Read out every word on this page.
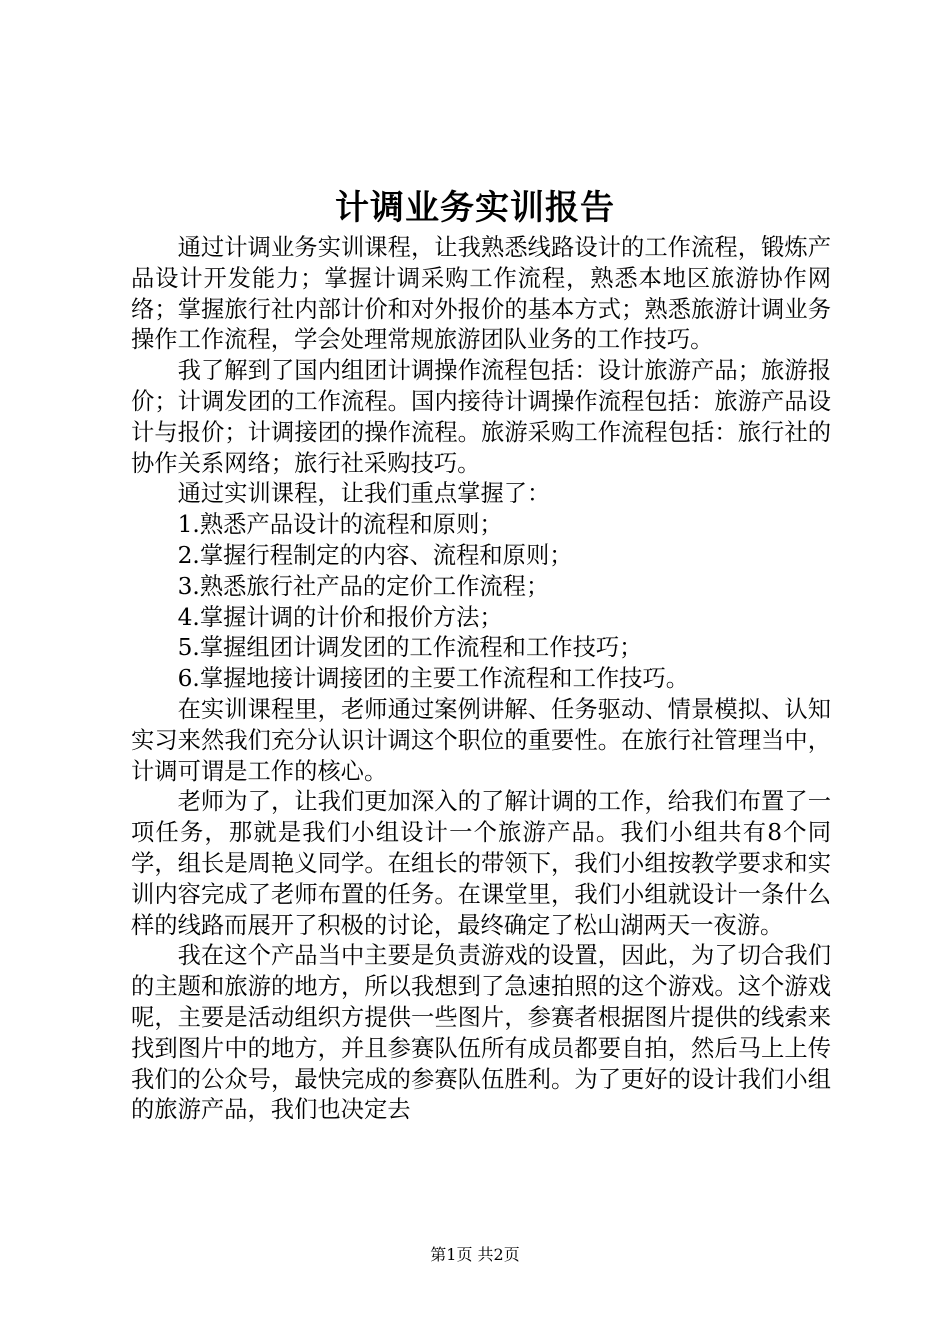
计调业务实训报告

通过计调业务实训课程，让我熟悉线路设计的工作流程，锻炼产品设计开发能力；掌握计调采购工作流程，熟悉本地区旅游协作网络；掌握旅行社内部计价和对外报价的基本方式；熟悉旅游计调业务操作工作流程，学会处理常规旅游团队业务的工作技巧。

我了解到了国内组团计调操作流程包括：设计旅游产品；旅游报价；计调发团的工作流程。国内接待计调操作流程包括：旅游产品设计与报价；计调接团的操作流程。旅游采购工作流程包括：旅行社的协作关系网络；旅行社采购技巧。

通过实训课程，让我们重点掌握了：

1.熟悉产品设计的流程和原则；

2.掌握行程制定的内容、流程和原则；

3.熟悉旅行社产品的定价工作流程；

4.掌握计调的计价和报价方法；

5.掌握组团计调发团的工作流程和工作技巧；

6.掌握地接计调接团的主要工作流程和工作技巧。

在实训课程里，老师通过案例讲解、任务驱动、情景模拟、认知实习来然我们充分认识计调这个职位的重要性。在旅行社管理当中，计调可谓是工作的核心。

老师为了，让我们更加深入的了解计调的工作，给我们布置了一项任务，那就是我们小组设计一个旅游产品。我们小组共有8个同学，组长是周艳义同学。在组长的带领下，我们小组按教学要求和实训内容完成了老师布置的任务。在课堂里，我们小组就设计一条什么样的线路而展开了积极的讨论，最终确定了松山湖两天一夜游。

我在这个产品当中主要是负责游戏的设置，因此，为了切合我们的主题和旅游的地方，所以我想到了急速拍照的这个游戏。这个游戏呢，主要是活动组织方提供一些图片，参赛者根据图片提供的线索来找到图片中的地方，并且参赛队伍所有成员都要自拍，然后马上上传我们的公众号，最快完成的参赛队伍胜利。为了更好的设计我们小组的旅游产品，我们也决定去

第1页 共2页
